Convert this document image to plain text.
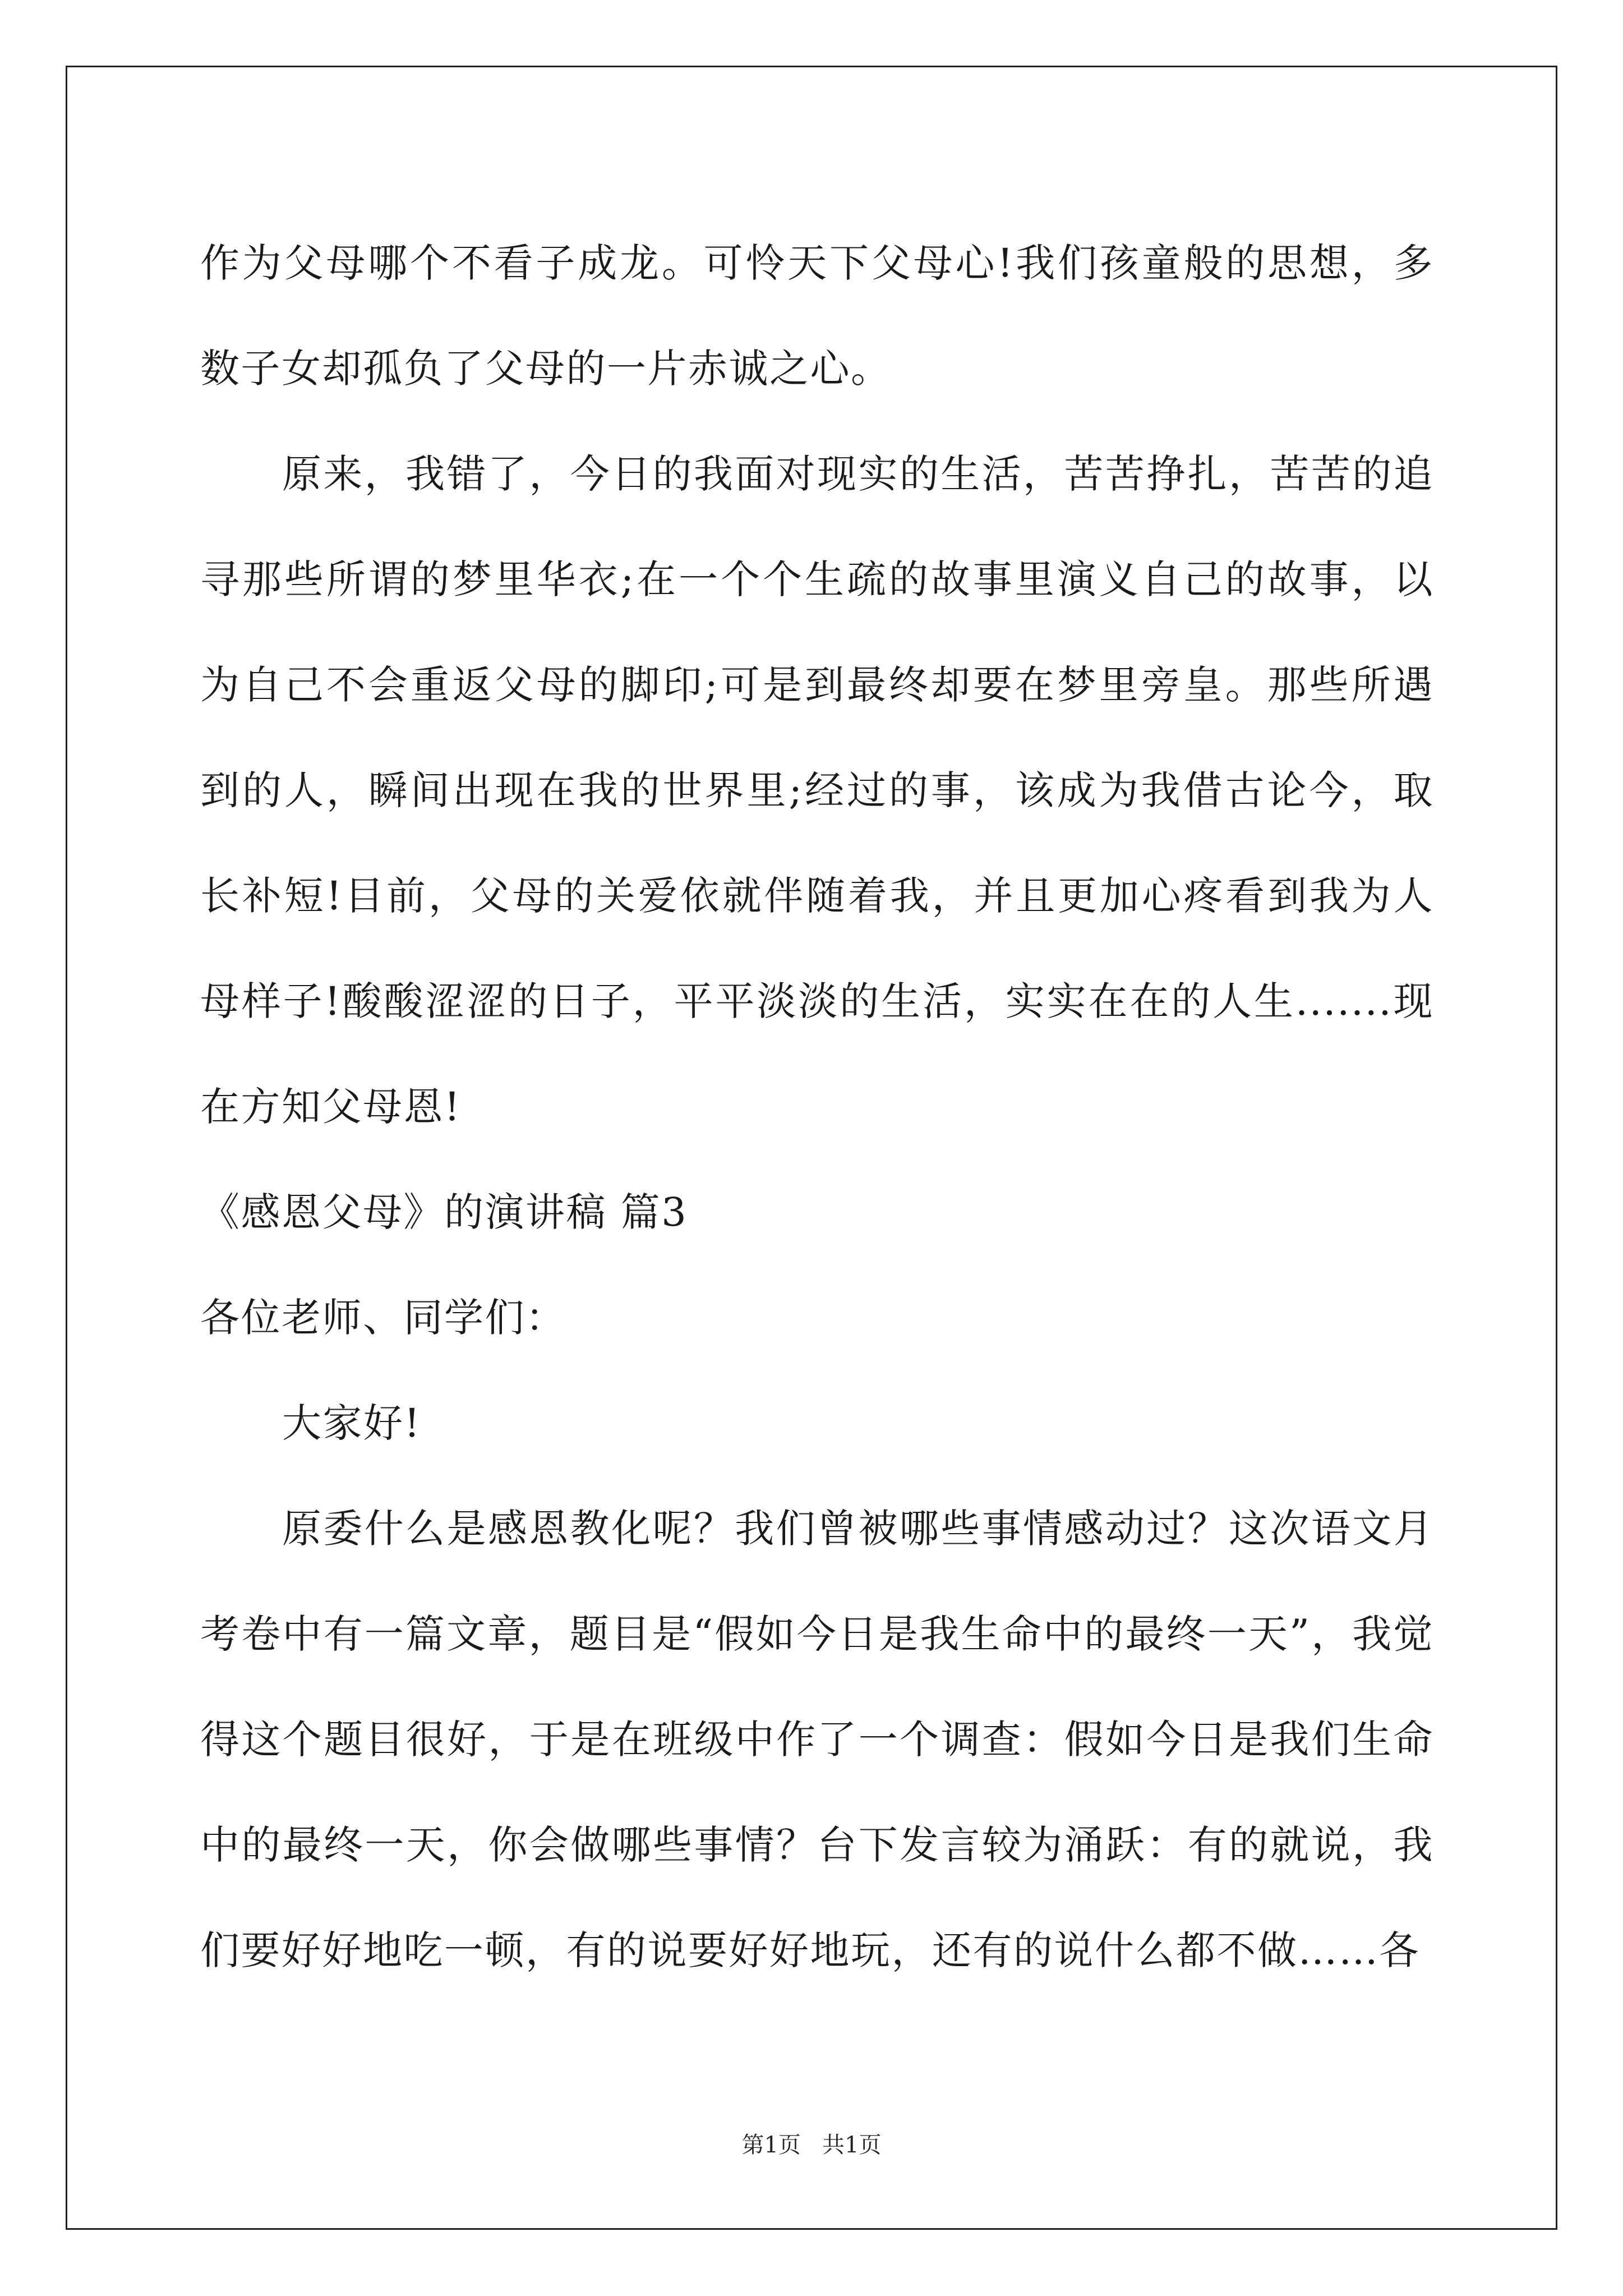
作为父母哪个不看子成龙。可怜天下父母心!我们孩童般的思想，多数子女却孤负了父母的一片赤诚之心。

原来，我错了，今日的我面对现实的生活，苦苦挣扎，苦苦的追寻那些所谓的梦里华衣;在一个个生疏的故事里演义自己的故事，以为自己不会重返父母的脚印;可是到最终却要在梦里旁皇。那些所遇到的人，瞬间出现在我的世界里;经过的事，该成为我借古论今，取长补短!目前，父母的关爱依就伴随着我，并且更加心疼看到我为人母样子!酸酸涩涩的日子，平平淡淡的生活，实实在在的人生.......现在方知父母恩!

《感恩父母》的演讲稿 篇3

各位老师、同学们：

大家好!

原委什么是感恩教化呢？我们曾被哪些事情感动过？这次语文月考卷中有一篇文章，题目是“假如今日是我生命中的最终一天”，我觉得这个题目很好，于是在班级中作了一个调查：假如今日是我们生命中的最终一天，你会做哪些事情？台下发言较为涌跃：有的就说，我们要好好地吃一顿，有的说要好好地玩，还有的说什么都不做……各

第1页   共1页
